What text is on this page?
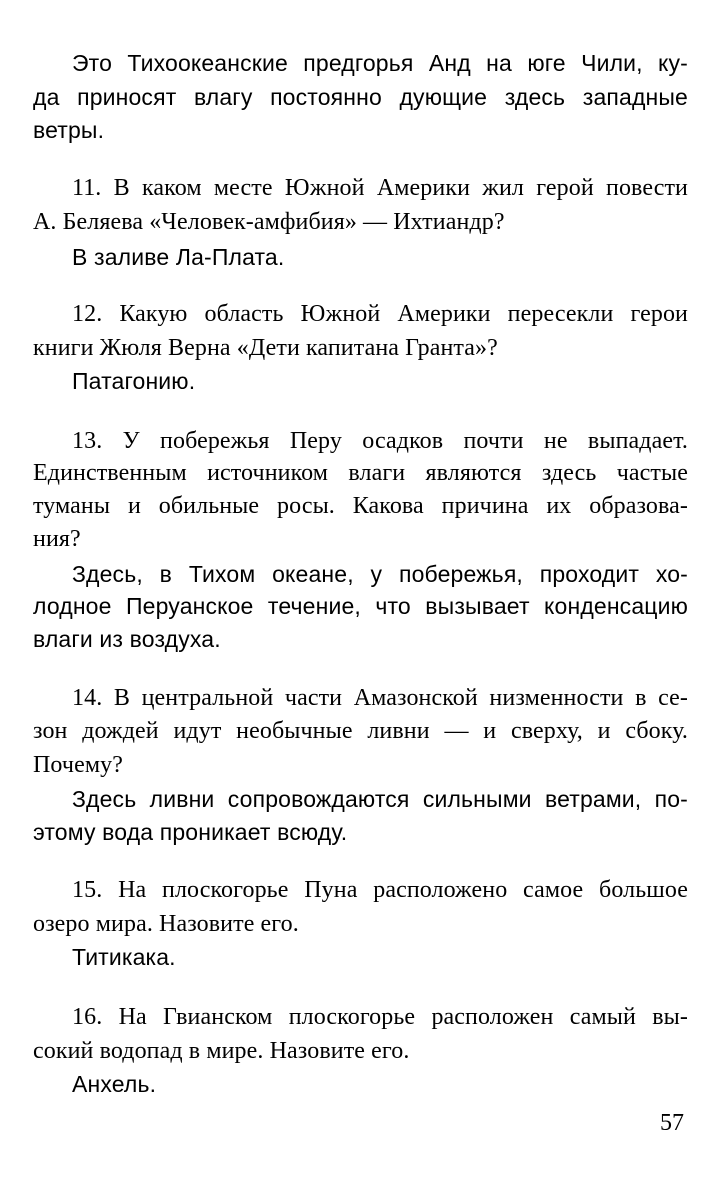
Это Тихоокеанские предгорья Анд на юге Чили, ку-
да приносят влагу постоянно дующие здесь западные
ветры.
11. В каком месте Южной Америки жил герой повести
А. Беляева «Человек-амфибия» — Ихтиандр?
В заливе Ла-Плата.
12. Какую область Южной Америки пересекли герои
книги Жюля Верна «Дети капитана Гранта»?
Патагонию.
13. У побережья Перу осадков почти не выпадает.
Единственным источником влаги являются здесь частые
туманы и обильные росы. Какова причина их образова-
ния?
Здесь, в Тихом океане, у побережья, проходит хо-
лодное Перуанское течение, что вызывает конденсацию
влаги из воздуха.
14. В центральной части Амазонской низменности в се-
зон дождей идут необычные ливни — и сверху, и сбоку.
Почему?
Здесь ливни сопровождаются сильными ветрами, по-
этому вода проникает всюду.
15. На плоскогорье Пуна расположено самое большое
озеро мира. Назовите его.
Титикака.
16. На Гвианском плоскогорье расположен самый вы-
сокий водопад в мире. Назовите его.
Анхель.
57
